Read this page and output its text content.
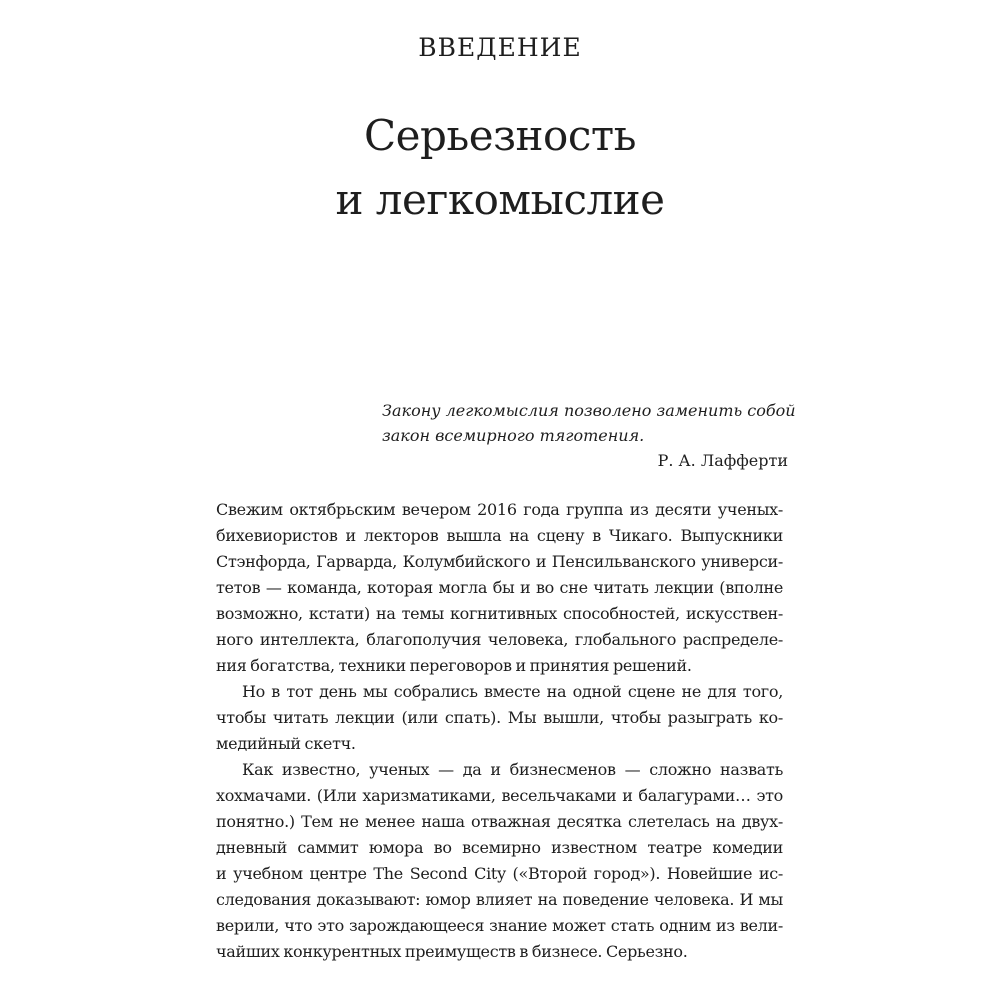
ВВЕДЕНИЕ
Серьезность
и легкомыслие
Закону легкомыслия позволено заменить собой
закон всемирного тяготения.
Р. А. Лафферти

Свежим октябрьским вечером 2016 года группа из десяти ученых-
бихевиористов и лекторов вышла на сцену в Чикаго. Выпускники
Стэнфорда, Гарварда, Колумбийского и Пенсильванского универси-
тетов — команда, которая могла бы и во сне читать лекции (вполне
возможно, кстати) на темы когнитивных способностей, искусствен-
ного интеллекта, благополучия человека, глобального распределе-
ния богатства, техники переговоров и принятия решений.

Но в тот день мы собрались вместе на одной сцене не для того,
чтобы читать лекции (или спать). Мы вышли, чтобы разыграть ко-
медийный скетч.

Как известно, ученых — да и бизнесменов — сложно назвать
хохмачами. (Или харизматиками, весельчаками и балагурами… это
понятно.) Тем не менее наша отважная десятка слетелась на двух-
дневный саммит юмора во всемирно известном театре комедии
и учебном центре The Second City («Второй город»). Новейшие ис-
следования доказывают: юмор влияет на поведение человека. И мы
верили, что это зарождающееся знание может стать одним из вели-
чайших конкурентных преимуществ в бизнесе. Серьезно.
